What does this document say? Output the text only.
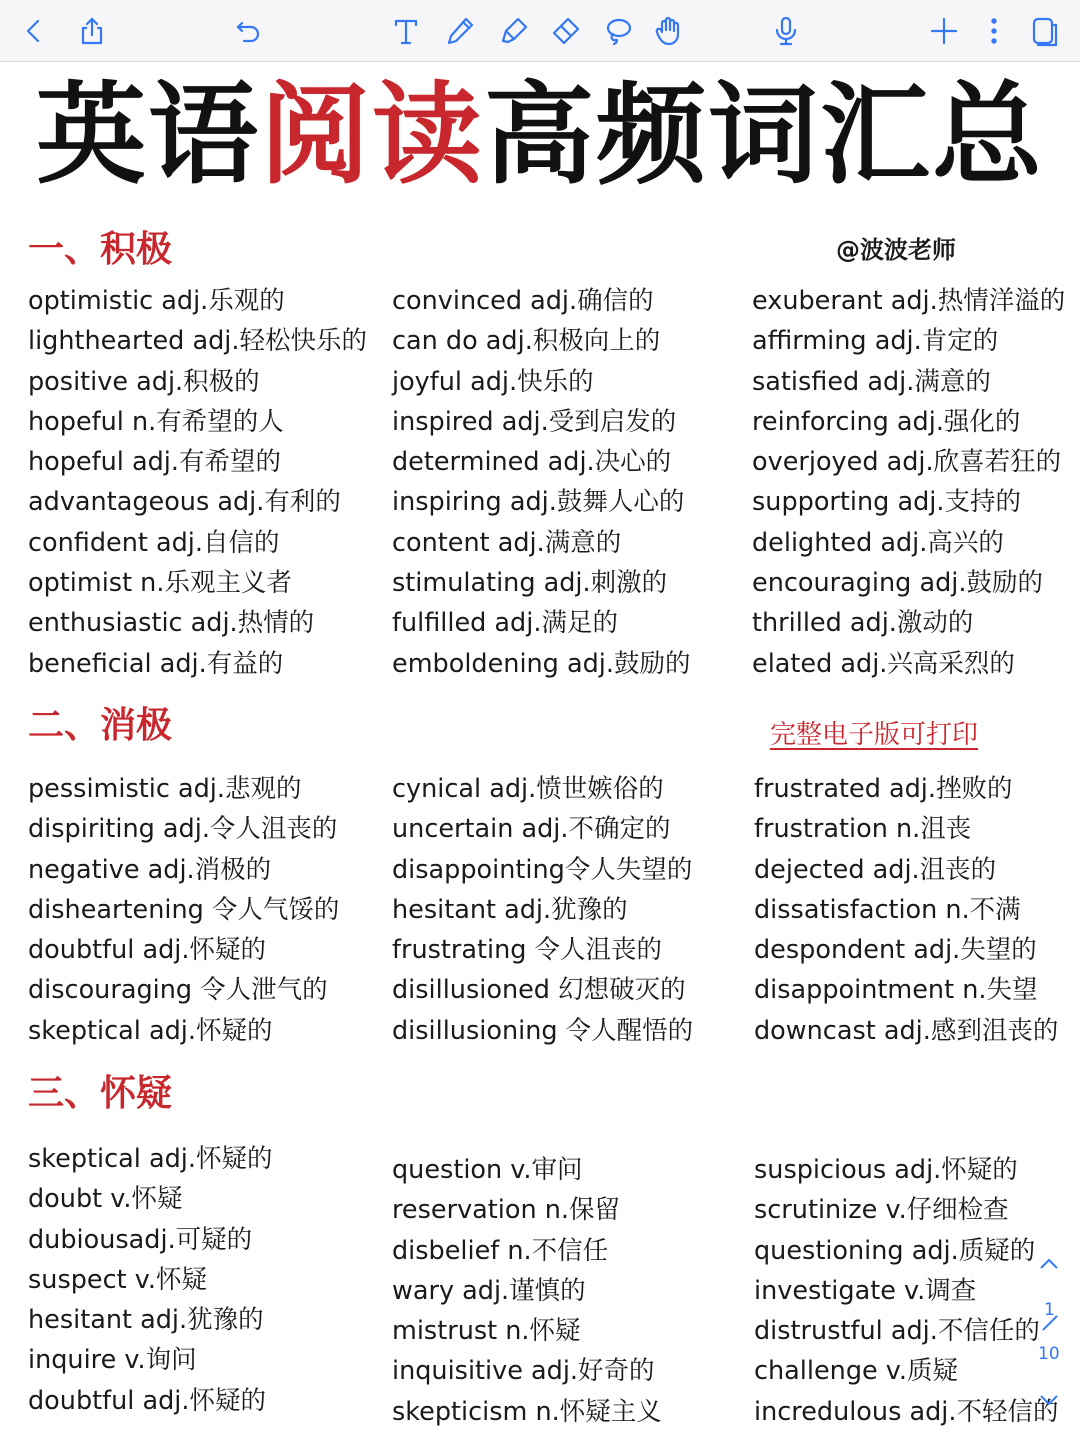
英语阅读高频词汇总
@波波老师
一、积极
optimistic adj.乐观的
lighthearted adj.轻松快乐的
positive adj.积极的
hopeful n.有希望的人
hopeful adj.有希望的
advantageous adj.有利的
confident adj.自信的
optimist n.乐观主义者
enthusiastic adj.热情的
beneficial adj.有益的
convinced adj.确信的
can do adj.积极向上的
joyful adj.快乐的
inspired adj.受到启发的
determined adj.决心的
inspiring adj.鼓舞人心的
content adj.满意的
stimulating adj.刺激的
fulfilled adj.满足的
emboldening adj.鼓励的
exuberant adj.热情洋溢的
affirming adj.肯定的
satisfied adj.满意的
reinforcing adj.强化的
overjoyed adj.欣喜若狂的
supporting adj.支持的
delighted adj.高兴的
encouraging adj.鼓励的
thrilled adj.激动的
elated adj.兴高采烈的
二、消极	完整电子版可打印
pessimistic adj.悲观的
dispiriting adj.令人沮丧的
negative adj.消极的
disheartening 令人气馁的
doubtful adj.怀疑的
discouraging 令人泄气的
skeptical adj.怀疑的
cynical adj.愤世嫉俗的
uncertain adj.不确定的
disappointing令人失望的
hesitant adj.犹豫的
frustrating 令人沮丧的
disillusioned 幻想破灭的
disillusioning 令人醒悟的
frustrated adj.挫败的
frustration n.沮丧
dejected adj.沮丧的
dissatisfaction n.不满
despondent adj.失望的
disappointment n.失望
downcast adj.感到沮丧的
三、怀疑
skeptical adj.怀疑的
doubt v.怀疑
dubiousadj.可疑的
suspect v.怀疑
hesitant adj.犹豫的
inquire v.询问
doubtful adj.怀疑的
question v.审问
reservation n.保留
disbelief n.不信任
wary adj.谨慎的
mistrust n.怀疑
inquisitive adj.好奇的
skepticism n.怀疑主义
suspicious adj.怀疑的
scrutinize v.仔细检查
questioning adj.质疑的
investigate v.调查
distrustful adj.不信任的
challenge v.质疑
incredulous adj.不轻信的
1
10
